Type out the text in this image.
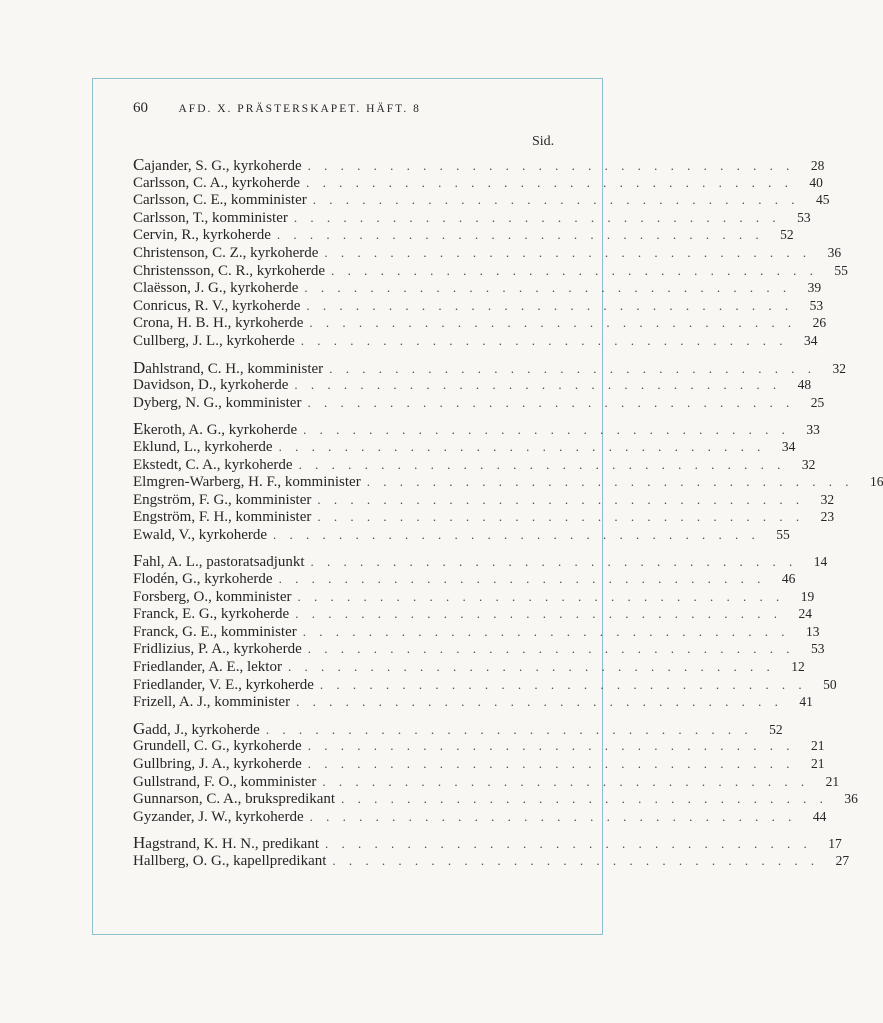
60	AFD. X. PRÄSTERSKAPET. HÄFT. 8
Sid.
Cajander, S. G., kyrkoherde . . . . . . . . . . . . . . . . . . . . . . . . . . . . . .	28
Carlsson, C. A., kyrkoherde . . . . . . . . . . . . . . . . . . . . . . . . . . . . . .	40
Carlsson, C. E., komminister . . . . . . . . . . . . . . . . . . . . . . . . . . . . . .	45
Carlsson, T., komminister . . . . . . . . . . . . . . . . . . . . . . . . . . . . . .	53
Cervin, R., kyrkoherde . . . . . . . . . . . . . . . . . . . . . . . . . . . . . .	52
Christenson, C. Z., kyrkoherde . . . . . . . . . . . . . . . . . . . . . . . . . . . . . .	36
Christensson, C. R., kyrkoherde . . . . . . . . . . . . . . . . . . . . . . . . . . . . . .	55
Claësson, J. G., kyrkoherde . . . . . . . . . . . . . . . . . . . . . . . . . . . . . .	39
Conricus, R. V., kyrkoherde . . . . . . . . . . . . . . . . . . . . . . . . . . . . . .	53
Crona, H. B. H., kyrkoherde . . . . . . . . . . . . . . . . . . . . . . . . . . . . . .	26
Cullberg, J. L., kyrkoherde . . . . . . . . . . . . . . . . . . . . . . . . . . . . . .	34
Dahlstrand, C. H., komminister . . . . . . . . . . . . . . . . . . . . . . . . . . . . . .	32
Davidson, D., kyrkoherde . . . . . . . . . . . . . . . . . . . . . . . . . . . . . .	48
Dyberg, N. G., komminister . . . . . . . . . . . . . . . . . . . . . . . . . . . . . .	25
Ekeroth, A. G., kyrkoherde . . . . . . . . . . . . . . . . . . . . . . . . . . . . . .	33
Eklund, L., kyrkoherde . . . . . . . . . . . . . . . . . . . . . . . . . . . . . .	34
Ekstedt, C. A., kyrkoherde . . . . . . . . . . . . . . . . . . . . . . . . . . . . . .	32
Elmgren-Warberg, H. F., komminister . . . . . . . . . . . . . . . . . . . . . . . . . . . . . .	16
Engström, F. G., komminister . . . . . . . . . . . . . . . . . . . . . . . . . . . . . .	32
Engström, F. H., komminister . . . . . . . . . . . . . . . . . . . . . . . . . . . . . .	23
Ewald, V., kyrkoherde . . . . . . . . . . . . . . . . . . . . . . . . . . . . . .	55
Fahl, A. L., pastoratsadjunkt . . . . . . . . . . . . . . . . . . . . . . . . . . . . . .	14
Flodén, G., kyrkoherde . . . . . . . . . . . . . . . . . . . . . . . . . . . . . .	46
Forsberg, O., komminister . . . . . . . . . . . . . . . . . . . . . . . . . . . . . .	19
Franck, E. G., kyrkoherde . . . . . . . . . . . . . . . . . . . . . . . . . . . . . .	24
Franck, G. E., komminister . . . . . . . . . . . . . . . . . . . . . . . . . . . . . .	13
Fridlizius, P. A., kyrkoherde . . . . . . . . . . . . . . . . . . . . . . . . . . . . . .	53
Friedlander, A. E., lektor . . . . . . . . . . . . . . . . . . . . . . . . . . . . . .	12
Friedlander, V. E., kyrkoherde . . . . . . . . . . . . . . . . . . . . . . . . . . . . . .	50
Frizell, A. J., komminister . . . . . . . . . . . . . . . . . . . . . . . . . . . . . .	41
Gadd, J., kyrkoherde . . . . . . . . . . . . . . . . . . . . . . . . . . . . . .	52
Grundell, C. G., kyrkoherde . . . . . . . . . . . . . . . . . . . . . . . . . . . . . .	21
Gullbring, J. A., kyrkoherde . . . . . . . . . . . . . . . . . . . . . . . . . . . . . .	21
Gullstrand, F. O., komminister . . . . . . . . . . . . . . . . . . . . . . . . . . . . . .	21
Gunnarson, C. A., brukspredikant . . . . . . . . . . . . . . . . . . . . . . . . . . . . . .	36
Gyzander, J. W., kyrkoherde . . . . . . . . . . . . . . . . . . . . . . . . . . . . . .	44
Hagstrand, K. H. N., predikant . . . . . . . . . . . . . . . . . . . . . . . . . . . . . .	17
Hallberg, O. G., kapellpredikant . . . . . . . . . . . . . . . . . . . . . . . . . . . . . .	27
